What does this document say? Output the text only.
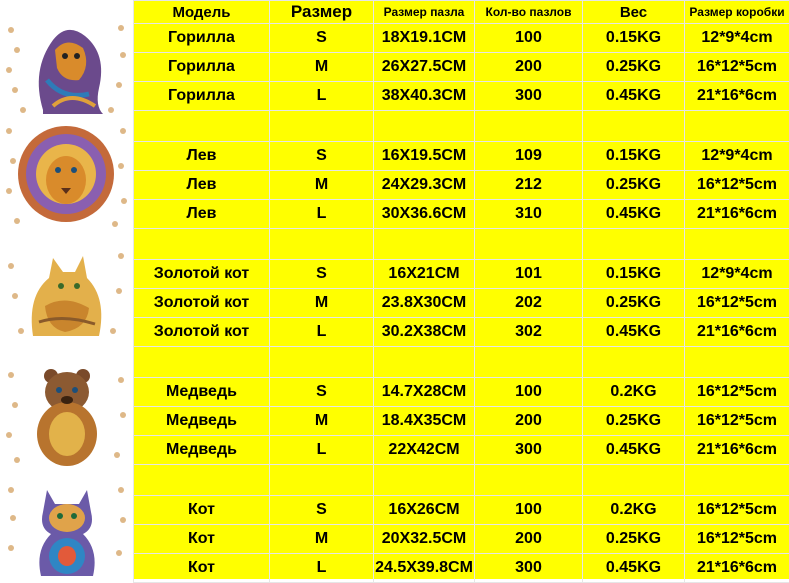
Модель	Размер	Размер пазла	Кол-во пазлов	Вес	Размер коробки
Горилла	S	18X19.1CM	100	0.15KG	12*9*4cm
Горилла	M	26X27.5CM	200	0.25KG	16*12*5cm
Горилла	L	38X40.3CM	300	0.45KG	21*16*6cm

Лев	S	16X19.5CM	109	0.15KG	12*9*4cm
Лев	M	24X29.3CM	212	0.25KG	16*12*5cm
Лев	L	30X36.6CM	310	0.45KG	21*16*6cm

Золотой кот	S	16X21CM	101	0.15KG	12*9*4cm
Золотой кот	M	23.8X30CM	202	0.25KG	16*12*5cm
Золотой кот	L	30.2X38CM	302	0.45KG	21*16*6cm

Медведь	S	14.7X28CM	100	0.2KG	16*12*5cm
Медведь	M	18.4X35CM	200	0.25KG	16*12*5cm
Медведь	L	22X42CM	300	0.45KG	21*16*6cm

Кот	S	16X26CM	100	0.2KG	16*12*5cm
Кот	M	20X32.5CM	200	0.25KG	16*12*5cm
Кот	L	24.5X39.8CM	300	0.45KG	21*16*6cm
